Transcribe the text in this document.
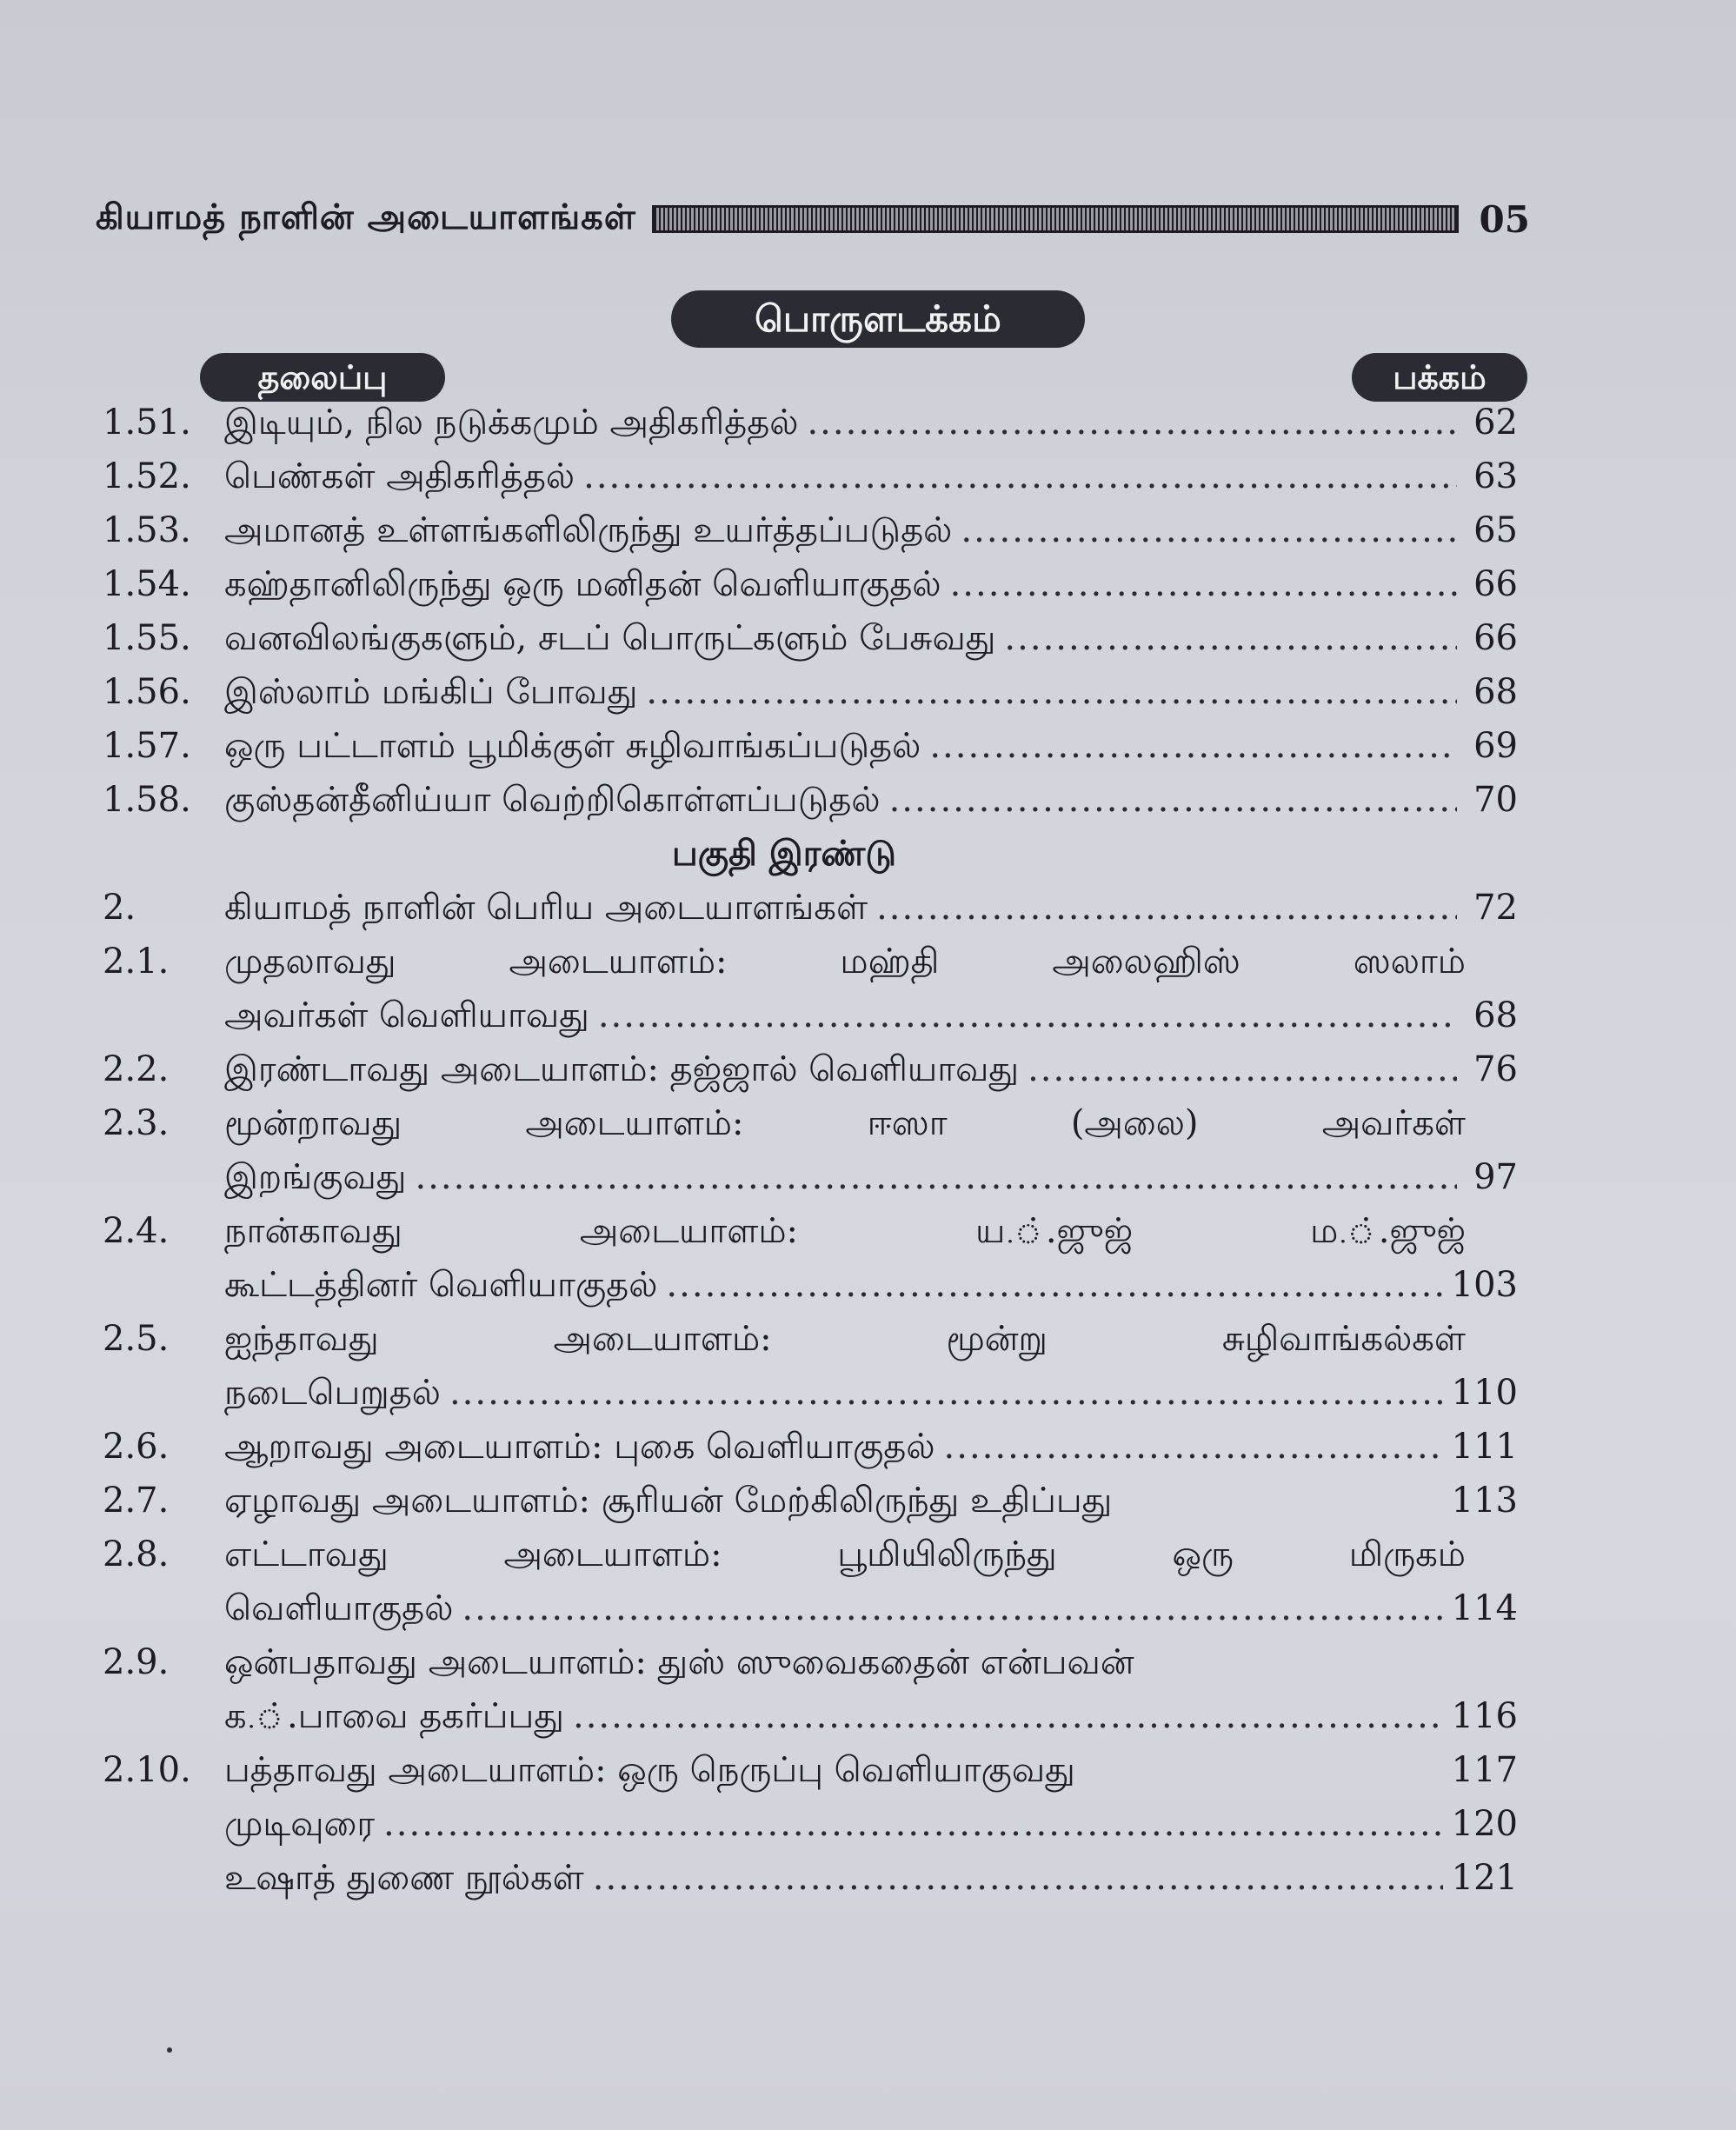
கியாமத் நாளின் அடையாளங்கள்	05
பொருளடக்கம்
தலைப்பு	பக்கம்
1.51. இடியும், நில நடுக்கமும் அதிகரித்தல் .....	62
1.52. பெண்கள் அதிகரித்தல் .....	63
1.53. அமானத் உள்ளங்களிலிருந்து உயர்த்தப்படுதல் .....	65
1.54. கஹ்தானிலிருந்து ஒரு மனிதன் வெளியாகுதல் .....	66
1.55. வனவிலங்குகளும், சடப் பொருட்களும் பேசுவது .....	66
1.56. இஸ்லாம் மங்கிப் போவது .....	68
1.57. ஒரு பட்டாளம் பூமிக்குள் சுழிவாங்கப்படுதல் .....	69
1.58. குஸ்தன்தீனிய்யா வெற்றிகொள்ளப்படுதல் .....	70
பகுதி இரண்டு
2.	கியாமத் நாளின் பெரிய அடையாளங்கள் .....	72
2.1. முதலாவது அடையாளம்: மஹ்தி அலைஹிஸ் ஸலாம்
அவர்கள் வெளியாவது .....	68
2.2. இரண்டாவது அடையாளம்: தஜ்ஜால் வெளியாவது .....	76
2.3. மூன்றாவது அடையாளம்: ஈஸா (அலை) அவர்கள்
இறங்குவது .....	97
2.4. நான்காவது அடையாளம்: ய.்.ஜுஜ் ம.்.ஜுஜ்
கூட்டத்தினர் வெளியாகுதல் .....	103
2.5. ஐந்தாவது அடையாளம்: மூன்று சுழிவாங்கல்கள்
நடைபெறுதல் .....	110
2.6. ஆறாவது அடையாளம்: புகை வெளியாகுதல் .....	111
2.7. ஏழாவது அடையாளம்: சூரியன் மேற்கிலிருந்து உதிப்பது	113
2.8. எட்டாவது அடையாளம்: பூமியிலிருந்து ஒரு மிருகம்
வெளியாகுதல் .....	114
2.9. ஒன்பதாவது அடையாளம்: துஸ் ஸுவைகதைன் என்பவன்
க.்.பாவை தகர்ப்பது .....	116
2.10. பத்தாவது அடையாளம்: ஒரு நெருப்பு வெளியாகுவது	117
முடிவுரை .....	120
உஷாத் துணை நூல்கள் .....	121
